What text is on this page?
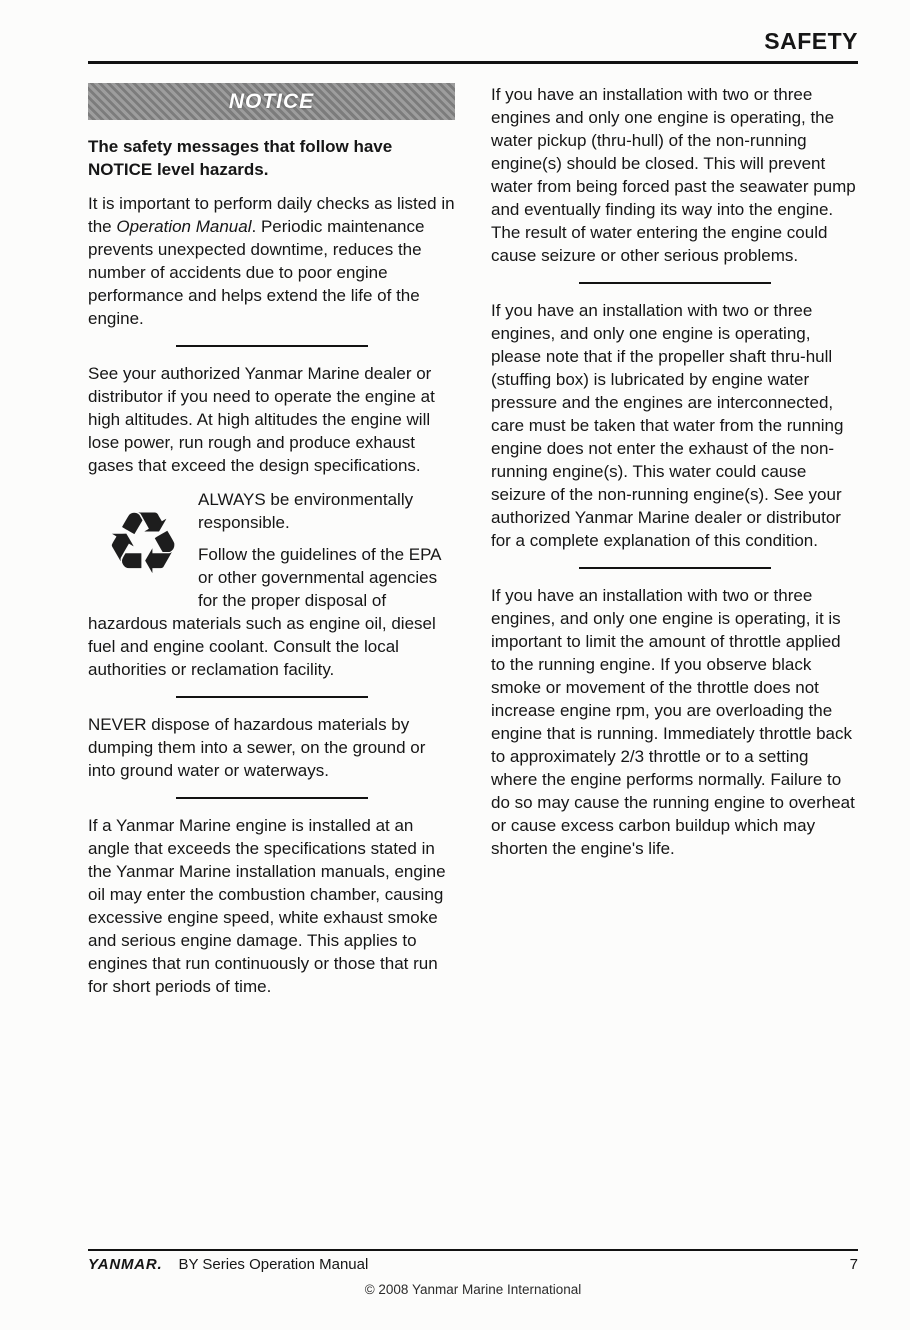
SAFETY
NOTICE

The safety messages that follow have NOTICE level hazards.

It is important to perform daily checks as listed in the Operation Manual. Periodic maintenance prevents unexpected downtime, reduces the number of accidents due to poor engine performance and helps extend the life of the engine.

See your authorized Yanmar Marine dealer or distributor if you need to operate the engine at high altitudes. At high altitudes the engine will lose power, run rough and produce exhaust gases that exceed the design specifications.

♻ ALWAYS be environmentally responsible.

Follow the guidelines of the EPA or other governmental agencies for the proper disposal of hazardous materials such as engine oil, diesel fuel and engine coolant. Consult the local authorities or reclamation facility.

NEVER dispose of hazardous materials by dumping them into a sewer, on the ground or into ground water or waterways.

If a Yanmar Marine engine is installed at an angle that exceeds the specifications stated in the Yanmar Marine installation manuals, engine oil may enter the combustion chamber, causing excessive engine speed, white exhaust smoke and serious engine damage. This applies to engines that run continuously or those that run for short periods of time.

If you have an installation with two or three engines and only one engine is operating, the water pickup (thru-hull) of the non-running engine(s) should be closed. This will prevent water from being forced past the seawater pump and eventually finding its way into the engine. The result of water entering the engine could cause seizure or other serious problems.

If you have an installation with two or three engines, and only one engine is operating, please note that if the propeller shaft thru-hull (stuffing box) is lubricated by engine water pressure and the engines are interconnected, care must be taken that water from the running engine does not enter the exhaust of the non-running engine(s). This water could cause seizure of the non-running engine(s). See your authorized Yanmar Marine dealer or distributor for a complete explanation of this condition.

If you have an installation with two or three engines, and only one engine is operating, it is important to limit the amount of throttle applied to the running engine. If you observe black smoke or movement of the throttle does not increase engine rpm, you are overloading the engine that is running. Immediately throttle back to approximately 2/3 throttle or to a setting where the engine performs normally. Failure to do so may cause the running engine to overheat or cause excess carbon buildup which may shorten the engine's life.

YANMAR. BY Series Operation Manual	7
© 2008 Yanmar Marine International
